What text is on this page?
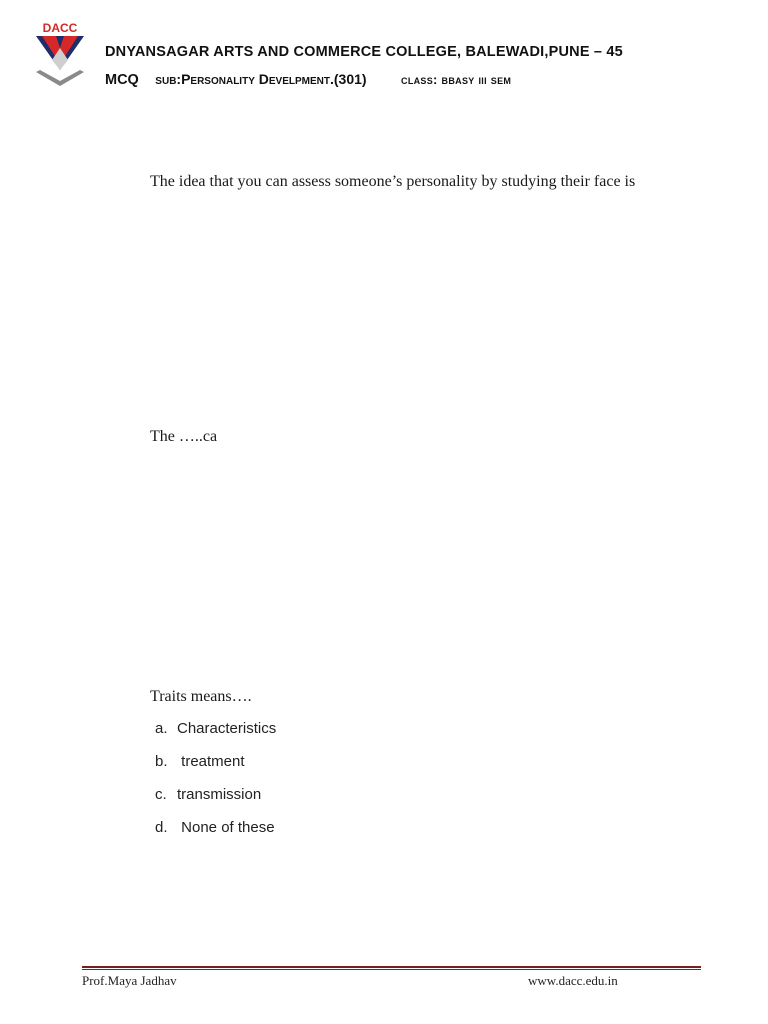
DACC
DNYANSAGAR ARTS AND COMMERCE COLLEGE, BALEWADI,PUNE – 45
MCQ sub:Personality Develpment.(301)	class: bbasy iii sem
The idea that you can assess someone’s personality by studying their face is
The …..ca
Traits means….
a. Characteristics
b. treatment
c. transmission
d. None of these
Prof.Maya Jadhav	www.dacc.edu.in
